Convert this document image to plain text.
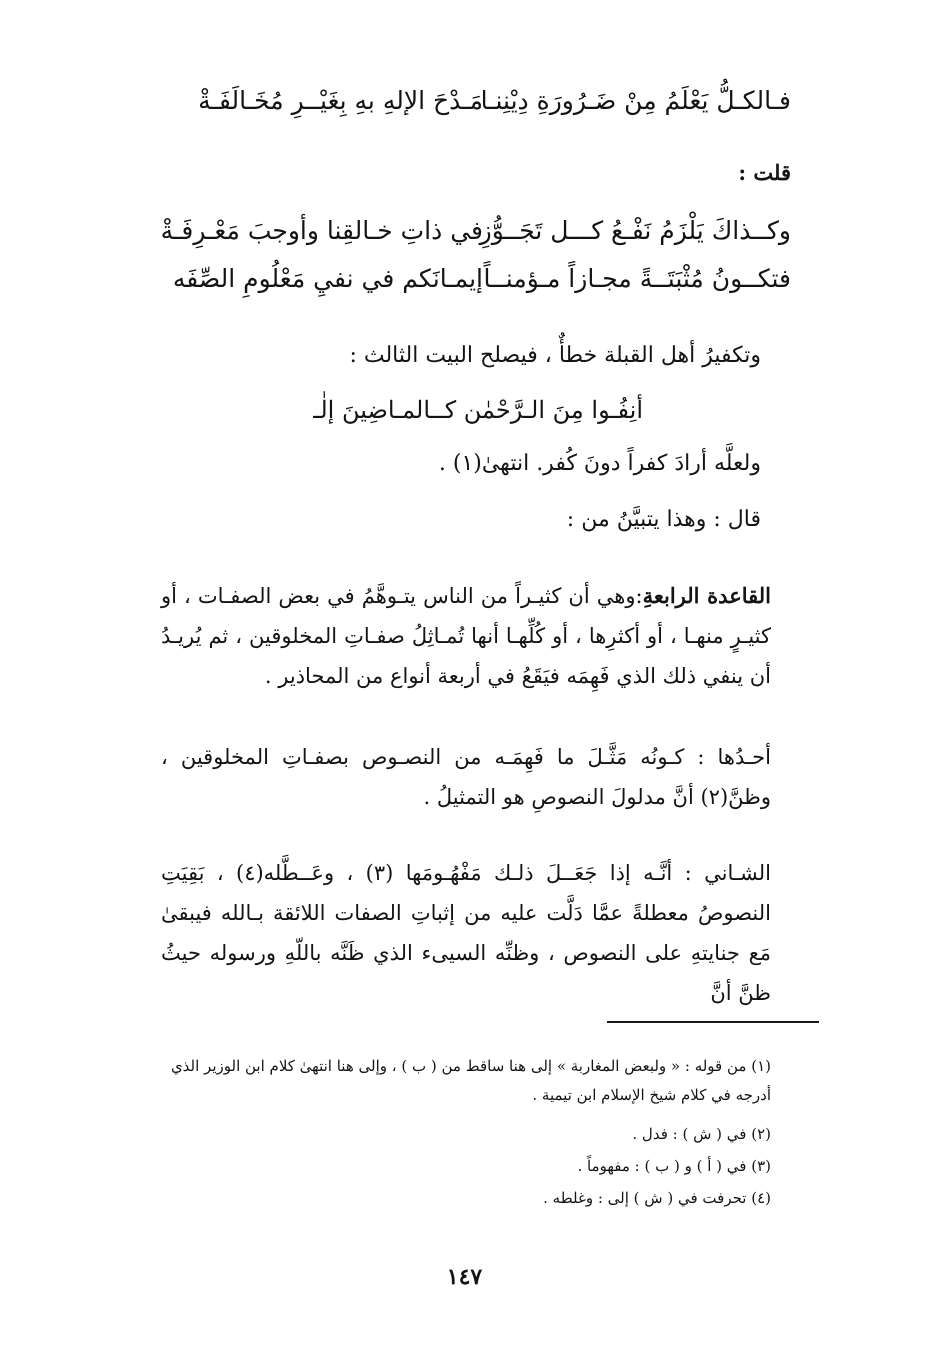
فـالكـلُّ يَعْلَمُ مِنْ ضَـرُورَةِ دِيْنِنـا
مَـدْحَ الإلهِ بهِ بِغَيْــرِ مُخَـالَفَـةْ
قلت :
وكــذاكَ يَلْزَمُ نَفْـعُ كـــل تَجَــوُّزِ
في ذاتِ خـالقِنا وأوجبَ مَعْـرِفَـةْ
فتكــونُ مُثْبَتَــةً مجـازاً مـؤمنــاً
إيمـانَكم في نفيِ مَعْلُومِ الصِّفَه
وتكفيرُ أهل القبلة خطأٌ ، فيصلح البيت الثالث :
أنِفُـوا مِنَ الـرَّحْمٰن كــالمـاضِينَ إلٰـ
ولعلَّه أرادَ كفراً دونَ كُفر. انتهىٰ(١) .
قال : وهذا يتبيَّنُ من :
القاعدة الرابعةِ:وهي أن كثيـراً من الناس يتـوهَّمُ في بعض الصفـات ، أو كثيـرٍ منهـا ، أو أكثرِها ، أو كُلِّهـا أنها تُمـاثِلُ صفـاتِ المخلوقين ، ثم يُريـدُ أن ينفي ذلك الذي فَهِمَه فيَقَعُ في أربعة أنواع من المحاذير .
أحـدُها : كـونُه مَثَّـلَ ما فَهِمَـه من النصـوص بصفـاتِ المخلوقين ، وظنَّ(٢) أنَّ مدلولَ النصوصِ هو التمثيلُ .
الشـاني : أنَّـه إذا جَعَــلَ ذلـك مَفْهُـومَها (٣) ، وعَــطَّله(٤) ، بَقِيَتِ النصوصُ معطلةً عمَّا دَلَّت عليه من إثباتِ الصفات اللائقة بـالله فيبقىٰ مَع جنايتهِ على النصوص ، وظنِّه السيىء الذي ظَنَّه باللّهِ ورسوله حيثُ ظنَّ أنَّ
(١) من قوله : « ولبعض المغاربة » إلى هنا ساقط من ( ب ) ، وإلى هنا انتهىٰ كلام ابن الوزير الذي أدرجه في كلام شيخ الإسلام ابن تيمية .
(٢) في ( ش ) : فدل .
(٣) في ( أ ) و ( ب ) : مفهوماً .
(٤) تحرفت في ( ش ) إلى : وغلطه .
١٤٧
